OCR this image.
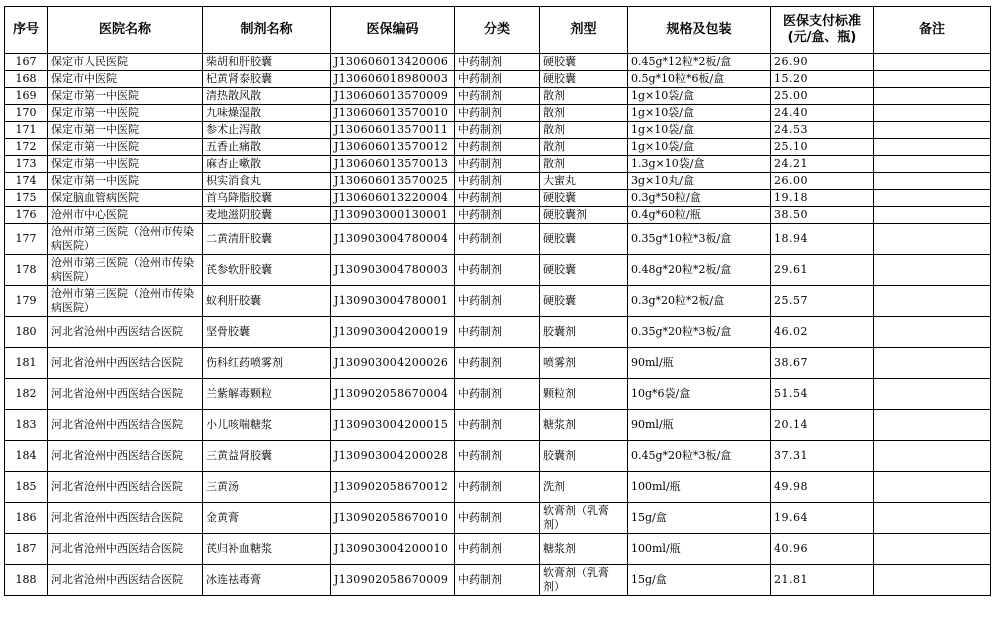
序号	医院名称	制剂名称	医保编码	分类	剂型	规格及包装	医保支付标准
(元/盒、瓶)	备注
167	保定市人民医院	柴胡和肝胶囊	J130606013420006	中药制剂	硬胶囊	0.45g*12粒*2板/盒	26.90	
168	保定市中医院	杞黄肾泰胶囊	J130606018980003	中药制剂	硬胶囊	0.5g*10粒*6板/盒	15.20	
169	保定市第一中医院	清热散风散	J130606013570009	中药制剂	散剂	1g×10袋/盒	25.00	
170	保定市第一中医院	九味燥湿散	J130606013570010	中药制剂	散剂	1g×10袋/盒	24.40	
171	保定市第一中医院	参术止泻散	J130606013570011	中药制剂	散剂	1g×10袋/盒	24.53	
172	保定市第一中医院	五香止痛散	J130606013570012	中药制剂	散剂	1g×10袋/盒	25.10	
173	保定市第一中医院	麻杏止嗽散	J130606013570013	中药制剂	散剂	1.3g×10袋/盒	24.21	
174	保定市第一中医院	枳实消食丸	J130606013570025	中药制剂	大蜜丸	3g×10丸/盒	26.00	
175	保定脑血管病医院	首乌降脂胶囊	J130606013220004	中药制剂	硬胶囊	0.3g*50粒/盒	19.18	
176	沧州市中心医院	麦地滋阴胶囊	J130903000130001	中药制剂	硬胶囊剂	0.4g*60粒/瓶	38.50	
177	沧州市第三医院（沧州市传染病医院）	二黄清肝胶囊	J130903004780004	中药制剂	硬胶囊	0.35g*10粒*3板/盒	18.94	
178	沧州市第三医院（沧州市传染病医院）	芪参软肝胶囊	J130903004780003	中药制剂	硬胶囊	0.48g*20粒*2板/盒	29.61	
179	沧州市第三医院（沧州市传染病医院）	蚁利肝胶囊	J130903004780001	中药制剂	硬胶囊	0.3g*20粒*2板/盒	25.57	
180	河北省沧州中西医结合医院	坚骨胶囊	J130903004200019	中药制剂	胶囊剂	0.35g*20粒*3板/盒	46.02	
181	河北省沧州中西医结合医院	伤科红药喷雾剂	J130903004200026	中药制剂	喷雾剂	90ml/瓶	38.67	
182	河北省沧州中西医结合医院	兰紫解毒颗粒	J130902058670004	中药制剂	颗粒剂	10g*6袋/盒	51.54	
183	河北省沧州中西医结合医院	小儿咳喘糖浆	J130903004200015	中药制剂	糖浆剂	90ml/瓶	20.14	
184	河北省沧州中西医结合医院	三黄益肾胶囊	J130903004200028	中药制剂	胶囊剂	0.45g*20粒*3板/盒	37.31	
185	河北省沧州中西医结合医院	三黄汤	J130902058670012	中药制剂	洗剂	100ml/瓶	49.98	
186	河北省沧州中西医结合医院	金黄膏	J130902058670010	中药制剂	软膏剂（乳膏剂）	15g/盒	19.64	
187	河北省沧州中西医结合医院	芪归补血糖浆	J130903004200010	中药制剂	糖浆剂	100ml/瓶	40.96	
188	河北省沧州中西医结合医院	冰连祛毒膏	J130902058670009	中药制剂	软膏剂（乳膏剂）	15g/盒	21.81	
